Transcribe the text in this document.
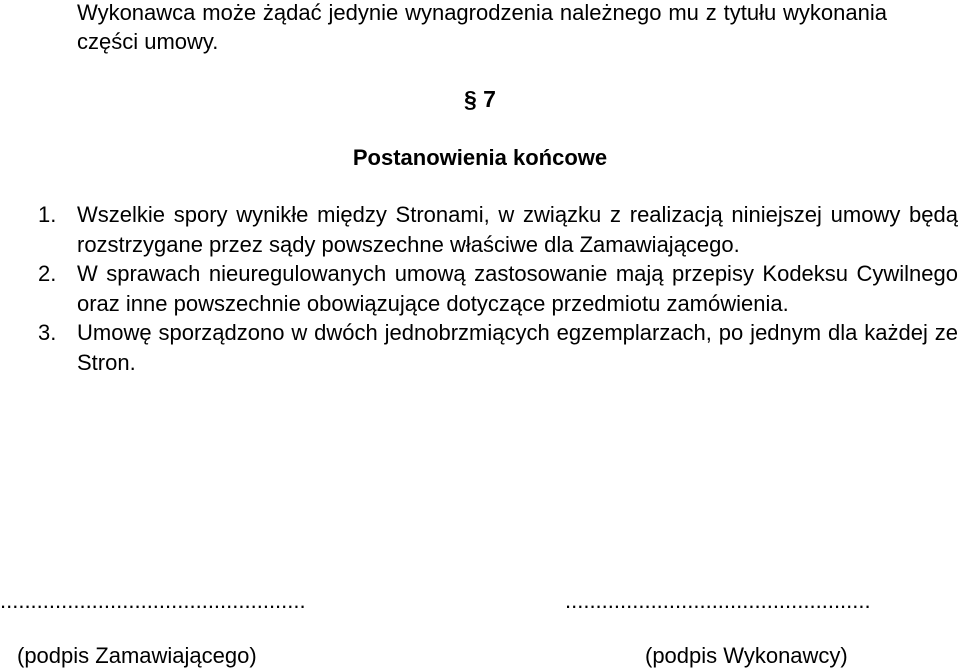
Wykonawca może żądać jedynie wynagrodzenia należnego mu z tytułu wykonania części umowy.
§ 7
Postanowienia końcowe
1. Wszelkie spory wynikłe między Stronami, w związku z realizacją niniejszej umowy będą rozstrzygane przez sądy powszechne właściwe dla Zamawiającego.
2. W sprawach nieuregulowanych umową zastosowanie mają przepisy Kodeksu Cywilnego oraz inne powszechnie obowiązujące dotyczące przedmiotu zamówienia.
3. Umowę sporządzono w dwóch jednobrzmiących egzemplarzach, po jednym dla każdej ze Stron.
..................................................	..................................................
(podpis Zamawiającego)	(podpis Wykonawcy)
